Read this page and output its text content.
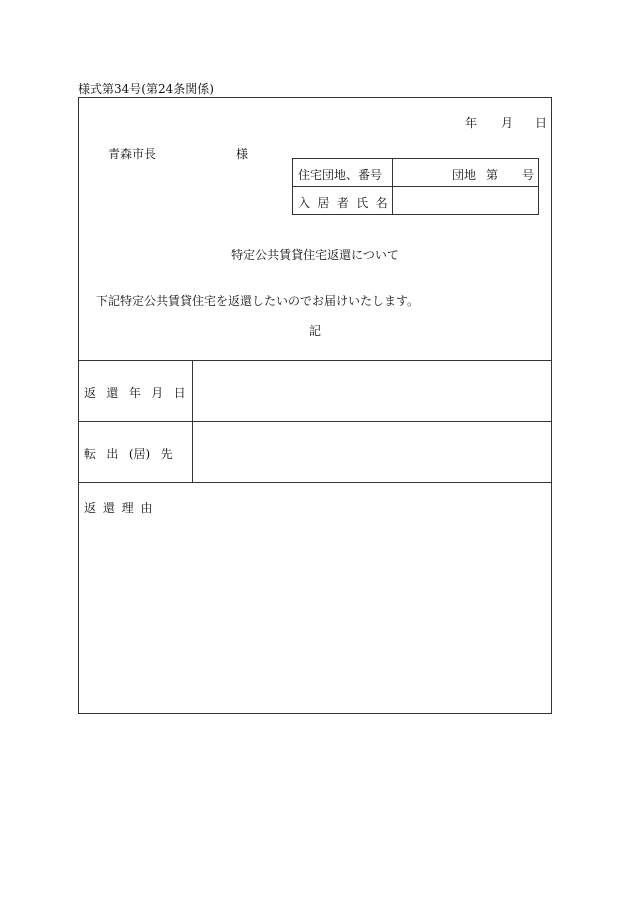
様式第34号(第24条関係)
年 月 日
青森市長	様
住宅団地、番号	団地 第 号
入 居 者 氏 名
特定公共賃貸住宅返還について
下記特定公共賃貸住宅を返還したいのでお届けいたします。
記
返 還 年 月 日
転 出 (居) 先
返 還 理 由
